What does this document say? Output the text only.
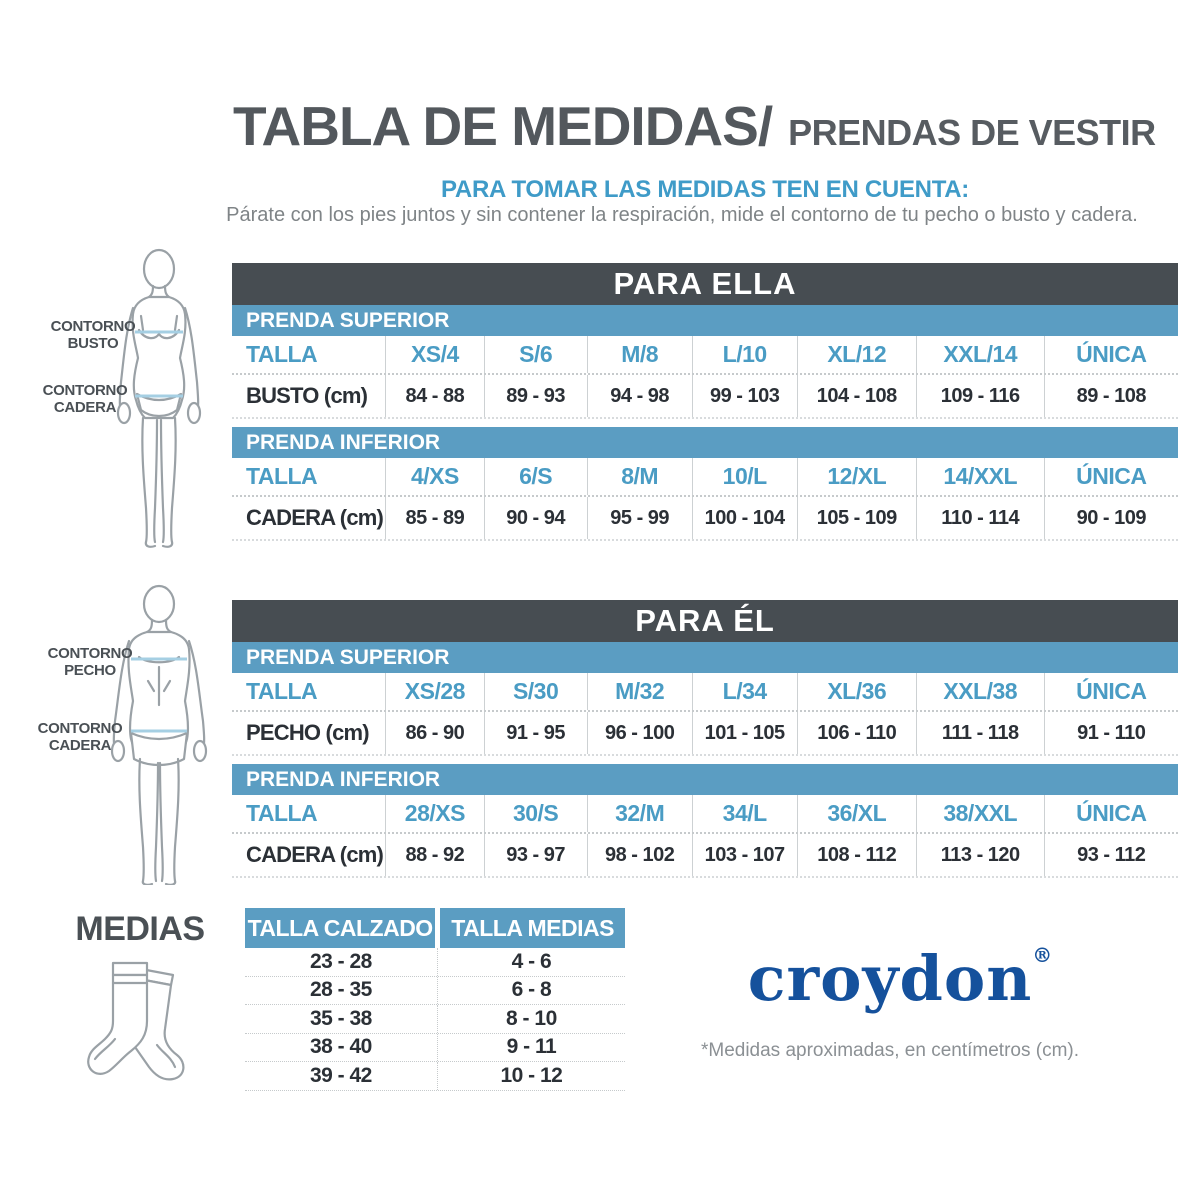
TABLA DE MEDIDAS/ PRENDAS DE VESTIR
PARA TOMAR LAS MEDIDAS TEN EN CUENTA:
Párate con los pies juntos y sin contener la respiración, mide el contorno de tu pecho o busto y cadera.
CONTORNO
BUSTO
CONTORNO
CADERA
PARA ELLA
PRENDA SUPERIOR
TALLA	XS/4	S/6	M/8	L/10	XL/12	XXL/14	ÚNICA
BUSTO (cm)	84 - 88	89 - 93	94 - 98	99 - 103	104 - 108	109 - 116	89 - 108
PRENDA INFERIOR
TALLA	4/XS	6/S	8/M	10/L	12/XL	14/XXL	ÚNICA
CADERA (cm)	85 - 89	90 - 94	95 - 99	100 - 104	105 - 109	110 - 114	90 - 109
CONTORNO
PECHO
CONTORNO
CADERA
PARA ÉL
PRENDA SUPERIOR
TALLA	XS/28	S/30	M/32	L/34	XL/36	XXL/38	ÚNICA
PECHO (cm)	86 - 90	91 - 95	96 - 100	101 - 105	106 - 110	111 - 118	91 - 110
PRENDA INFERIOR
TALLA	28/XS	30/S	32/M	34/L	36/XL	38/XXL	ÚNICA
CADERA (cm)	88 - 92	93 - 97	98 - 102	103 - 107	108 - 112	113 - 120	93 - 112
MEDIAS TALLA CALZADO TALLA MEDIAS
23 - 28	4 - 6
28 - 35	6 - 8
35 - 38	8 - 10
38 - 40	9 - 11
39 - 42	10 - 12
croydon®
*Medidas aproximadas, en centímetros (cm).
